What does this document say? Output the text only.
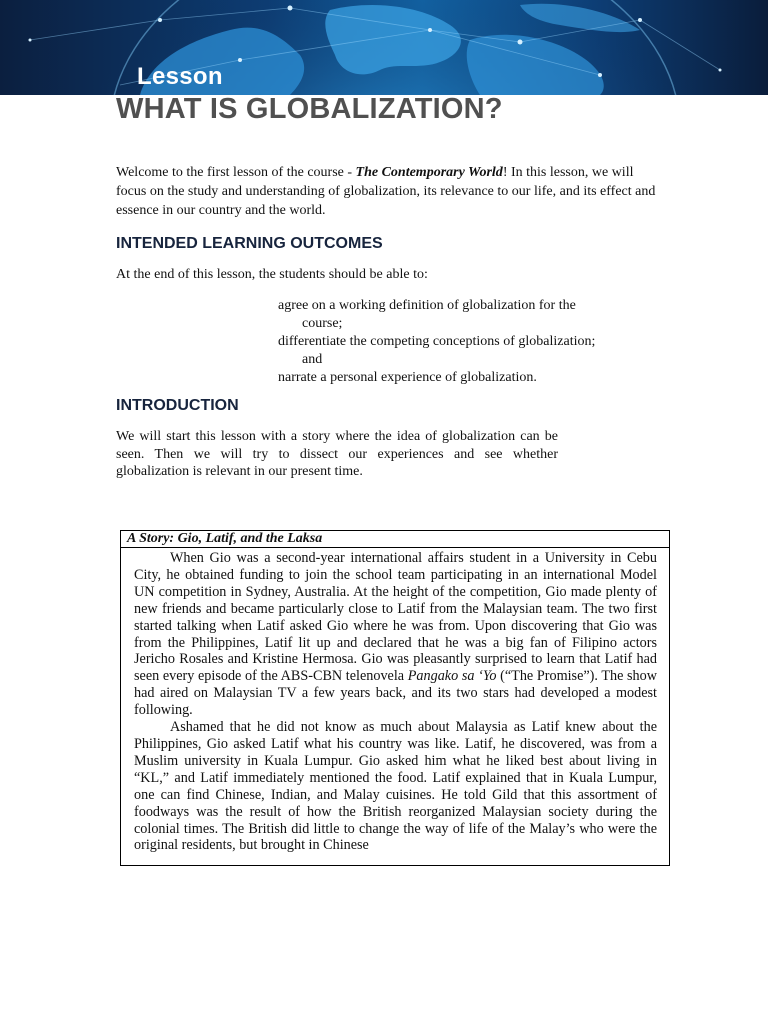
Lesson
WHAT IS GLOBALIZATION?

Welcome to the first lesson of the course - The Contemporary World! In this lesson, we will focus on the study and understanding of globalization, its relevance to our life, and its effect and essence in our country and the world.

INTENDED LEARNING OUTCOMES

At the end of this lesson, the students should be able to:

agree on a working definition of globalization for the
course;
differentiate the competing conceptions of globalization;
and
narrate a personal experience of globalization.
INTRODUCTION

We will start this lesson with a story where the idea of globalization can be seen. Then we will try to dissect our experiences and see whether globalization is relevant in our present time.

A Story: Gio, Latif, and the Laksa

When Gio was a second-year international affairs student in a University in Cebu City, he obtained funding to join the school team participating in an international Model UN competition in Sydney, Australia. At the height of the competition, Gio made plenty of new friends and became particularly close to Latif from the Malaysian team. The two first started talking when Latif asked Gio where he was from. Upon discovering that Gio was from the Philippines, Latif lit up and declared that he was a big fan of Filipino actors Jericho Rosales and Kristine Hermosa. Gio was pleasantly surprised to learn that Latif had seen every episode of the ABS-CBN telenovela Pangako sa ‘Yo (“The Promise”). The show had aired on Malaysian TV a few years back, and its two stars had developed a modest following.

Ashamed that he did not know as much about Malaysia as Latif knew about the Philippines, Gio asked Latif what his country was like. Latif, he discovered, was from a Muslim university in Kuala Lumpur. Gio asked him what he liked best about living in “KL,” and Latif immediately mentioned the food. Latif explained that in Kuala Lumpur, one can find Chinese, Indian, and Malay cuisines. He told Gild that this assortment of foodways was the result of how the British reorganized Malaysian society during the colonial times. The British did little to change the way of life of the Malay’s who were the original residents, but brought in Chinese
